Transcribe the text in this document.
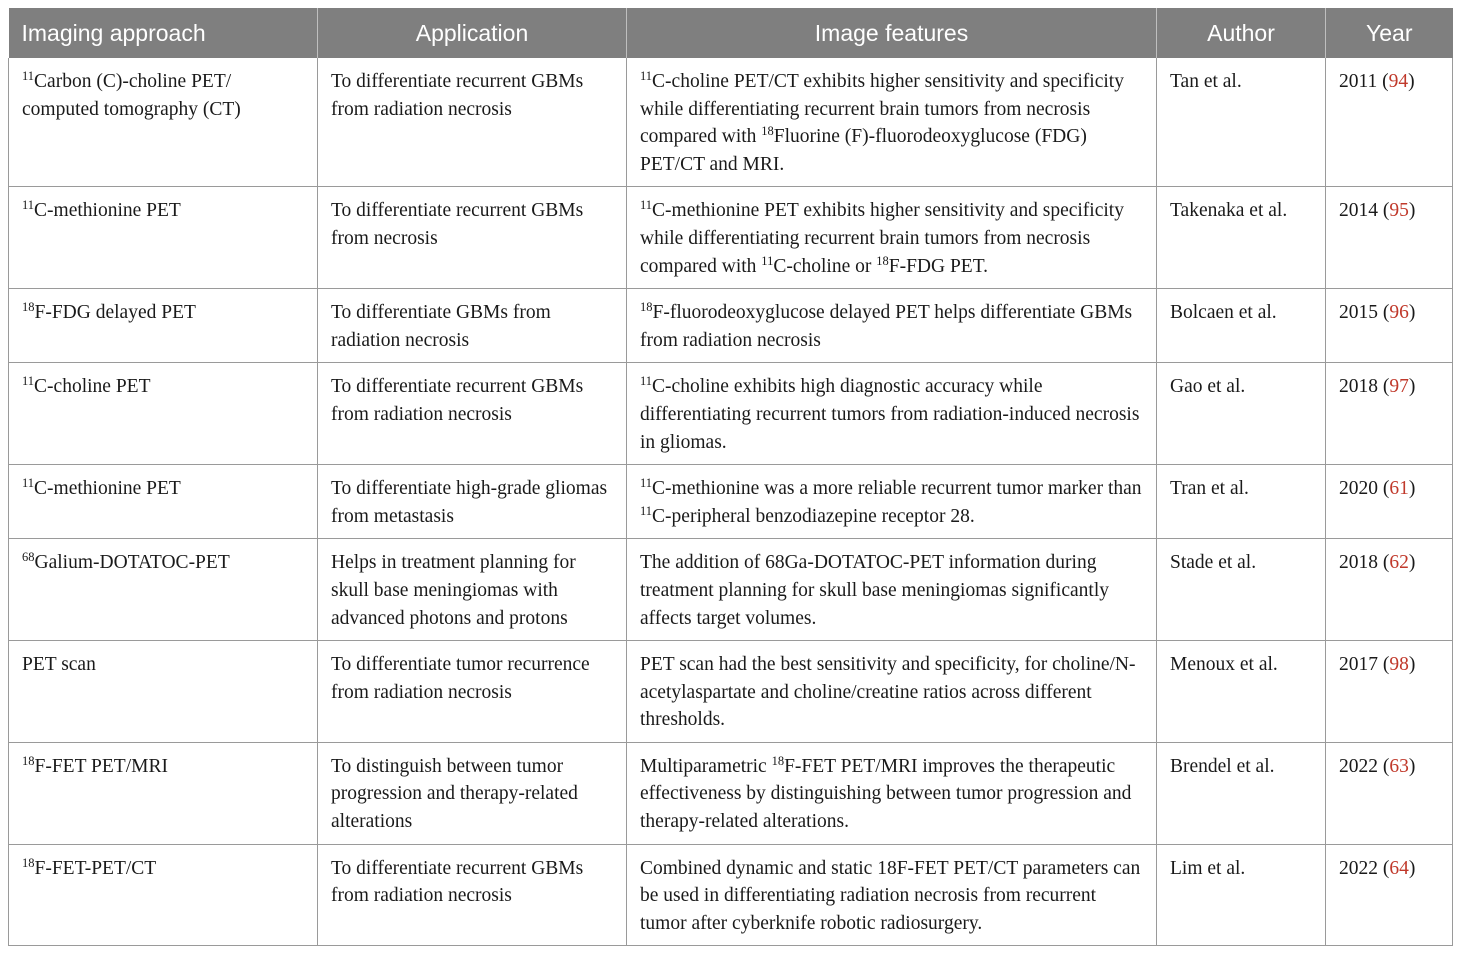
Imaging approach	Application	Image features	Author	Year
$^{11}$Carbon (C)-choline PET/ computed tomography (CT)	To differentiate recurrent GBMs from radiation necrosis	$^{11}$C-choline PET/CT exhibits higher sensitivity and specificity while differentiating recurrent brain tumors from necrosis compared with $^{18}$Fluorine (F)-fluorodeoxyglucose (FDG) PET/CT and MRI.	Tan et al.	2011 (94)
$^{11}$C-methionine PET	To differentiate recurrent GBMs from necrosis	$^{11}$C-methionine PET exhibits higher sensitivity and specificity while differentiating recurrent brain tumors from necrosis compared with $^{11}$C-choline or $^{18}$F-FDG PET.	Takenaka et al.	2014 (95)
$^{18}$F-FDG delayed PET	To differentiate GBMs from radiation necrosis	$^{18}$F-fluorodeoxyglucose delayed PET helps differentiate GBMs from radiation necrosis	Bolcaen et al.	2015 (96)
$^{11}$C-choline PET	To differentiate recurrent GBMs from radiation necrosis	$^{11}$C-choline exhibits high diagnostic accuracy while differentiating recurrent tumors from radiation-induced necrosis in gliomas.	Gao et al.	2018 (97)
$^{11}$C-methionine PET	To differentiate high-grade gliomas from metastasis	$^{11}$C-methionine was a more reliable recurrent tumor marker than $^{11}$C-peripheral benzodiazepine receptor 28.	Tran et al.	2020 (61)
$^{68}$Galium-DOTATOC-PET	Helps in treatment planning for skull base meningiomas with advanced photons and protons	The addition of 68Ga-DOTATOC-PET information during treatment planning for skull base meningiomas significantly affects target volumes.	Stade et al.	2018 (62)
PET scan	To differentiate tumor recurrence from radiation necrosis	PET scan had the best sensitivity and specificity, for choline/N-acetylaspartate and choline/creatine ratios across different thresholds.	Menoux et al.	2017 (98)
$^{18}$F-FET PET/MRI	To distinguish between tumor progression and therapy-related alterations	Multiparametric $^{18}$F-FET PET/MRI improves the therapeutic effectiveness by distinguishing between tumor progression and therapy-related alterations.	Brendel et al.	2022 (63)
$^{18}$F-FET-PET/CT	To differentiate recurrent GBMs from radiation necrosis	Combined dynamic and static 18F-FET PET/CT parameters can be used in differentiating radiation necrosis from recurrent tumor after cyberknife robotic radiosurgery.	Lim et al.	2022 (64)
